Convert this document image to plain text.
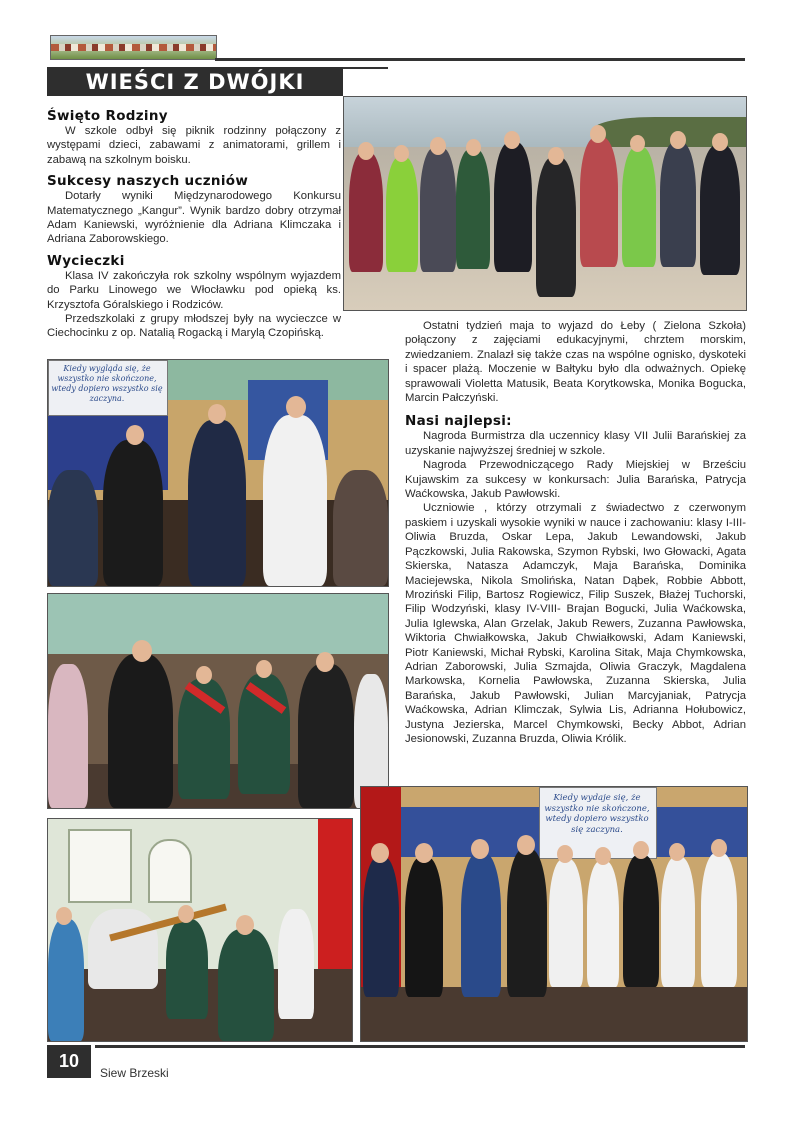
WIEŚCI Z DWÓJKI
Święto Rodziny

W szkole odbył się piknik rodzinny połączony z występami dzieci, zabawami z animatorami, grillem i zabawą na szkolnym boisku.

Sukcesy naszych uczniów

Dotarły wyniki Międzynarodowego Konkursu Matematycznego „Kangur”. Wynik bardzo dobry otrzymał Adam Kaniewski, wyróżnienie dla Adriana Klimczaka i Adriana Zaborowskiego.

Wycieczki

Klasa IV zakończyła rok szkolny wspólnym wyjazdem do Parku Linowego we Włocławku pod opieką ks. Krzysztofa Góralskiego i Rodziców.

Przedszkolaki z grupy młodszej były na wycieczce w Ciechocinku z op. Natalią Rogacką i Marylą Czopińską.

Ostatni tydzień maja to wyjazd do Łeby ( Zielona Szkoła) połączony z zajęciami edukacyjnymi, chrztem morskim, zwiedzaniem. Znalazł się także czas na wspólne ognisko, dyskoteki i spacer plażą. Moczenie w Bałtyku było dla odważnych. Opiekę sprawowali Violetta Matusik, Beata Korytkowska, Monika Bogucka, Marcin Pałczyński.

Nasi najlepsi:

Nagroda Burmistrza dla uczennicy klasy VII Julii Barańskiej za uzyskanie najwyższej średniej w szkole.

Nagroda Przewodniczącego Rady Miejskiej w Brześciu Kujawskim za sukcesy w konkursach: Julia Barańska, Patrycja Waćkowska, Jakub Pawłowski.

Uczniowie , którzy otrzymali z świadectwo z czerwonym paskiem i uzyskali wysokie wyniki w nauce i zachowaniu: klasy I-III- Oliwia Bruzda, Oskar Lepa, Jakub Lewandowski, Jakub Pączkowski, Julia Rakowska, Szymon Rybski, Iwo Głowacki, Agata Skierska, Natasza Adamczyk, Maja Barańska, Dominika Maciejewska, Nikola Smolińska, Natan Dąbek, Robbie Abbott, Mroziński Filip, Bartosz Rogiewicz, Filip Suszek, Błażej Tuchorski, Filip Wodzyński, klasy IV-VIII- Brajan Bogucki, Julia Waćkowska, Julia Iglewska, Alan Grzelak, Jakub Rewers, Zuzanna Pawłowska, Wiktoria Chwiałkowska, Jakub Chwiałkowski, Adam Kaniewski, Piotr Kaniewski, Michał Rybski, Karolina Sitak, Maja Chymkowska, Adrian Zaborowski, Julia Szmajda, Oliwia Graczyk, Magdalena Markowska, Kornelia Pawłowska, Zuzanna Skierska, Julia Barańska, Jakub Pawłowski, Julian Marcyjaniak, Patrycja Waćkowska, Adrian Klimczak, Sylwia Lis, Adrianna Hołubowicz, Justyna Jezierska, Marcel Chymkowski, Becky Abbot, Adrian Jesionowski, Zuzanna Bruzda, Oliwia Królik.

Kiedy wygląda się, że wszystko nie skończone, wtedy dopiero wszystko się zaczyna.
Kiedy wydaje się, że wszystko nie skończone, wtedy dopiero wszystko się zaczyna.
10
Siew Brzeski
